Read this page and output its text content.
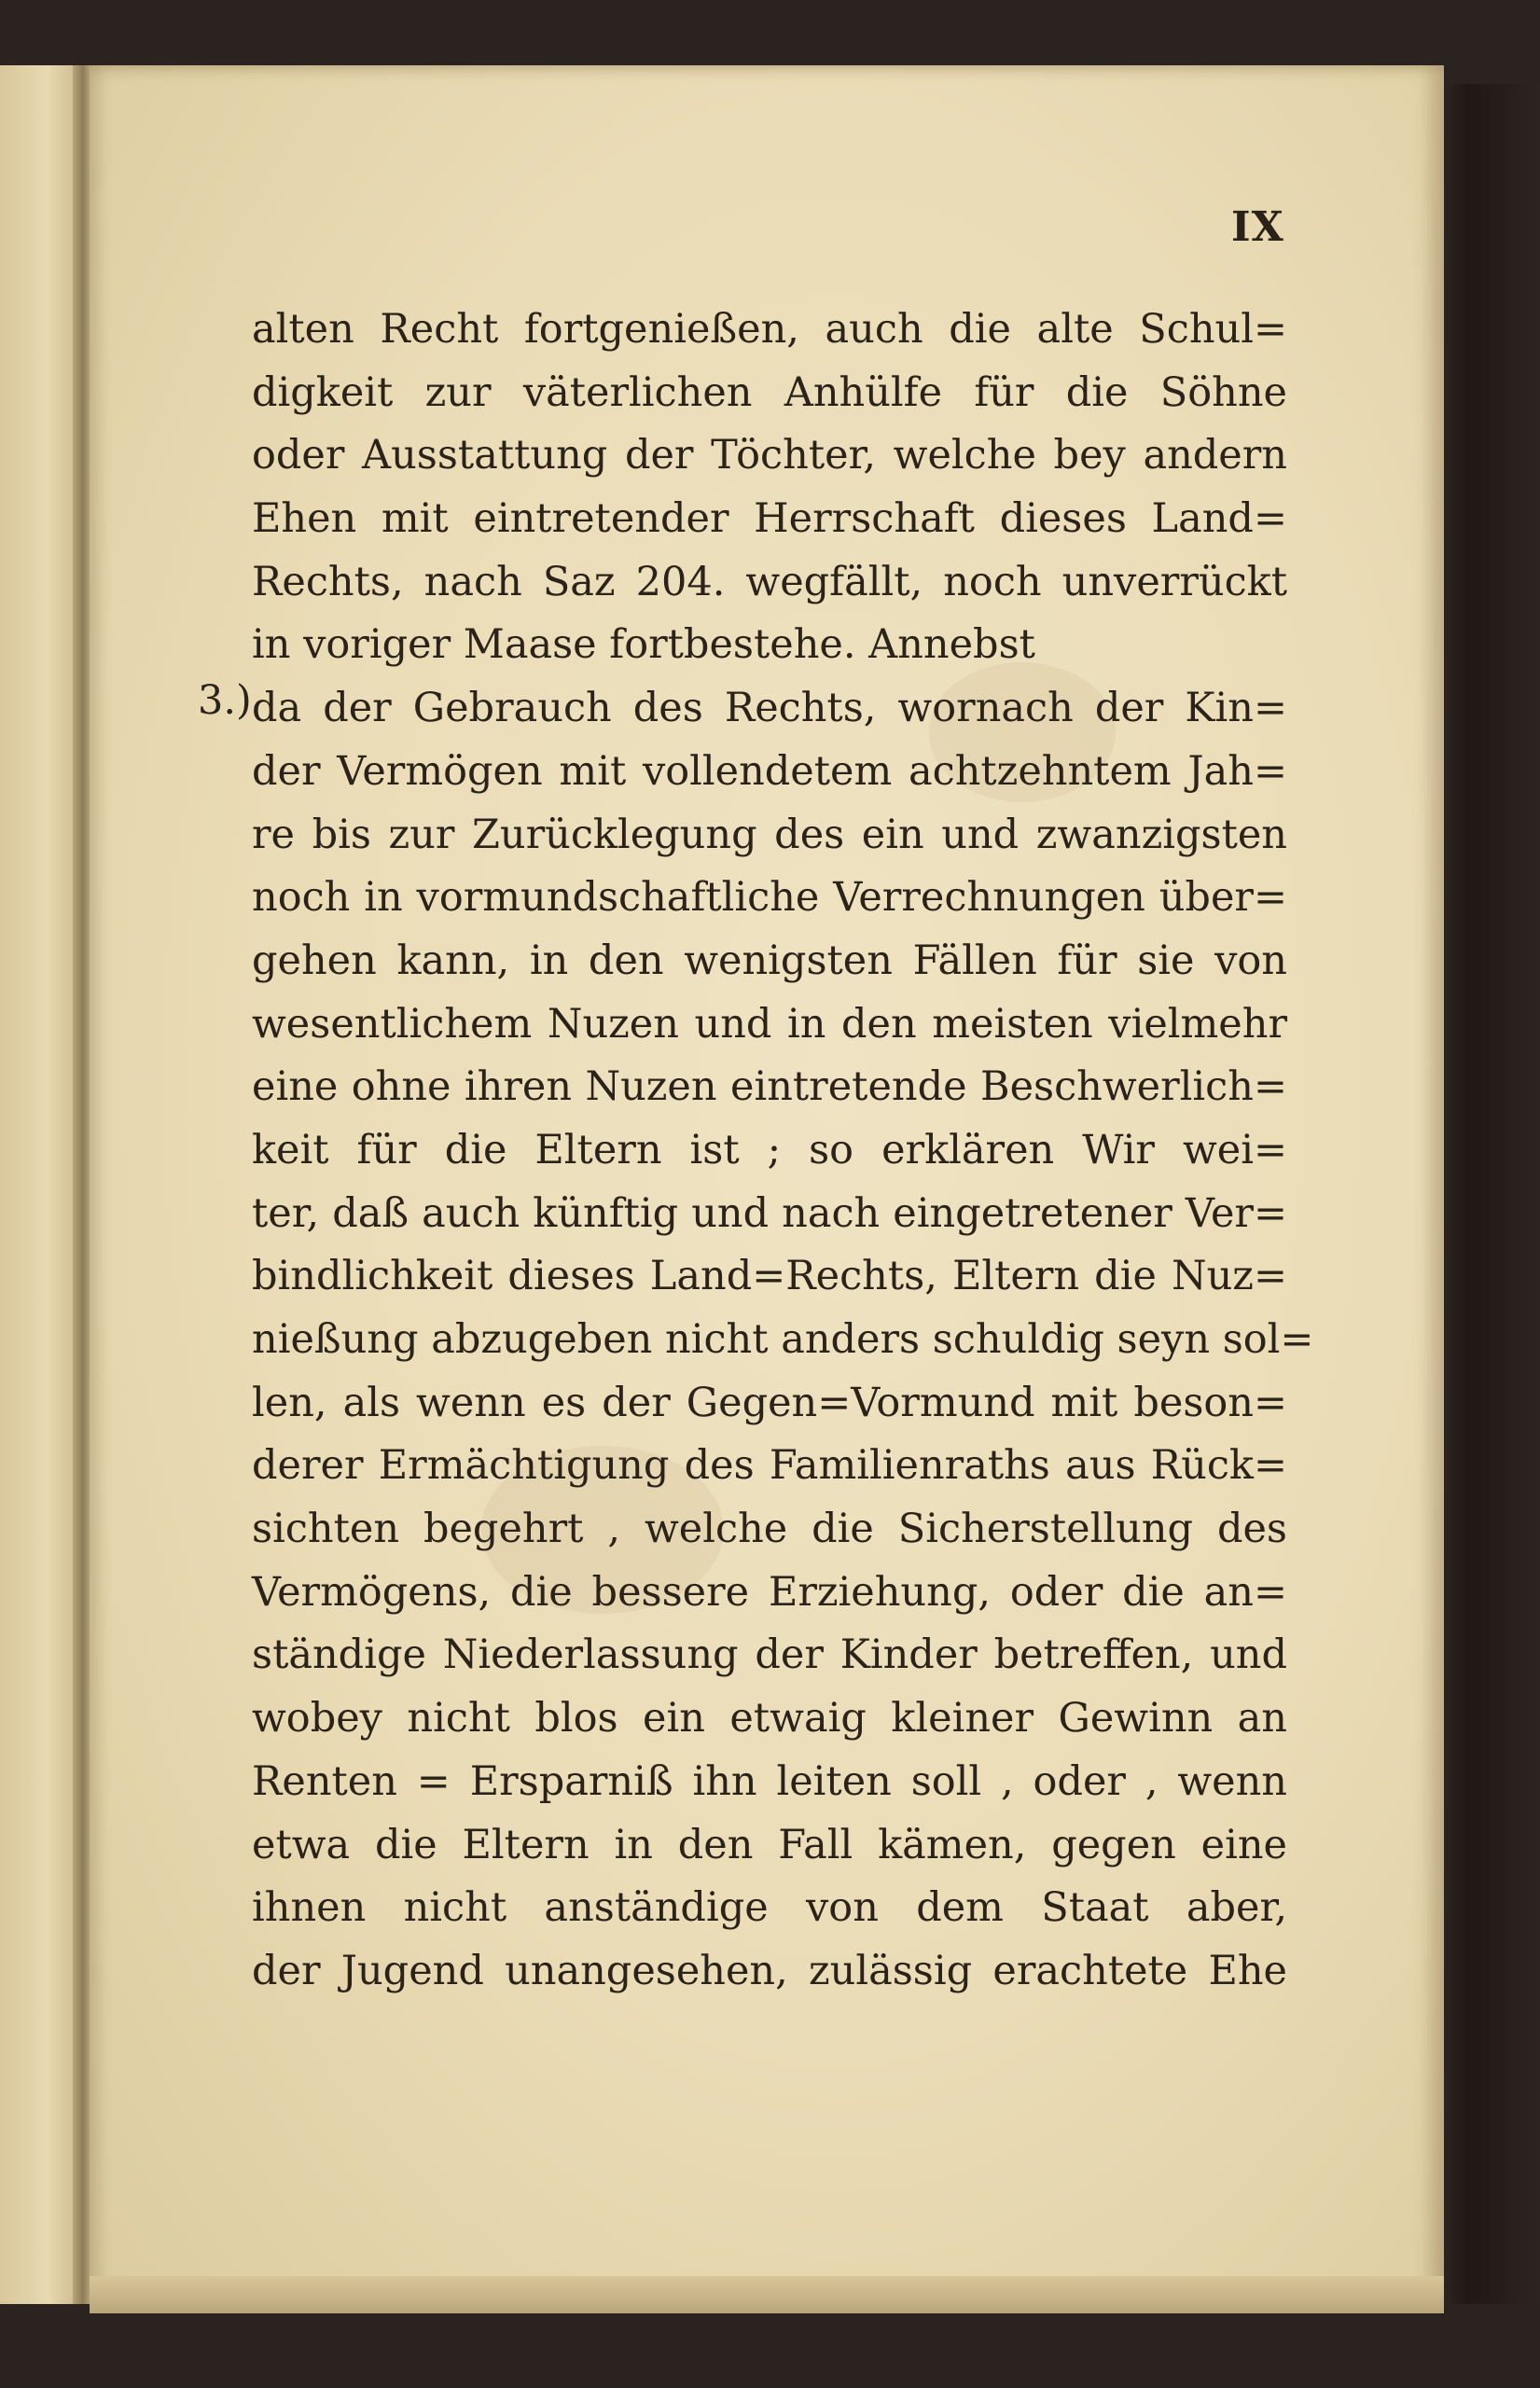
IX
alten Recht fortgenießen, auch die alte Schul=
digkeit zur väterlichen Anhülfe für die Söhne
oder Ausstattung der Töchter, welche bey andern
Ehen mit eintretender Herrschaft dieses Land=
Rechts, nach Saz 204. wegfällt, noch unverrückt
in voriger Maase fortbestehe. Annebst
3.) da der Gebrauch des Rechts, wornach der Kin=
der Vermögen mit vollendetem achtzehntem Jah=
re bis zur Zurücklegung des ein und zwanzigsten
noch in vormundschaftliche Verrechnungen über=
gehen kann, in den wenigsten Fällen für sie von
wesentlichem Nuzen und in den meisten vielmehr
eine ohne ihren Nuzen eintretende Beschwerlich=
keit für die Eltern ist ; so erklären Wir wei=
ter, daß auch künftig und nach eingetretener Ver=
bindlichkeit dieses Land=Rechts, Eltern die Nuz=
nießung abzugeben nicht anders schuldig seyn sol=
len, als wenn es der Gegen=Vormund mit beson=
derer Ermächtigung des Familienraths aus Rück=
sichten begehrt , welche die Sicherstellung des
Vermögens, die bessere Erziehung, oder die an=
ständige Niederlassung der Kinder betreffen, und
wobey nicht blos ein etwaig kleiner Gewinn an
Renten = Ersparniß ihn leiten soll , oder , wenn
etwa die Eltern in den Fall kämen, gegen eine
ihnen nicht anständige von dem Staat aber,
der Jugend unangesehen, zulässig erachtete Ehe
